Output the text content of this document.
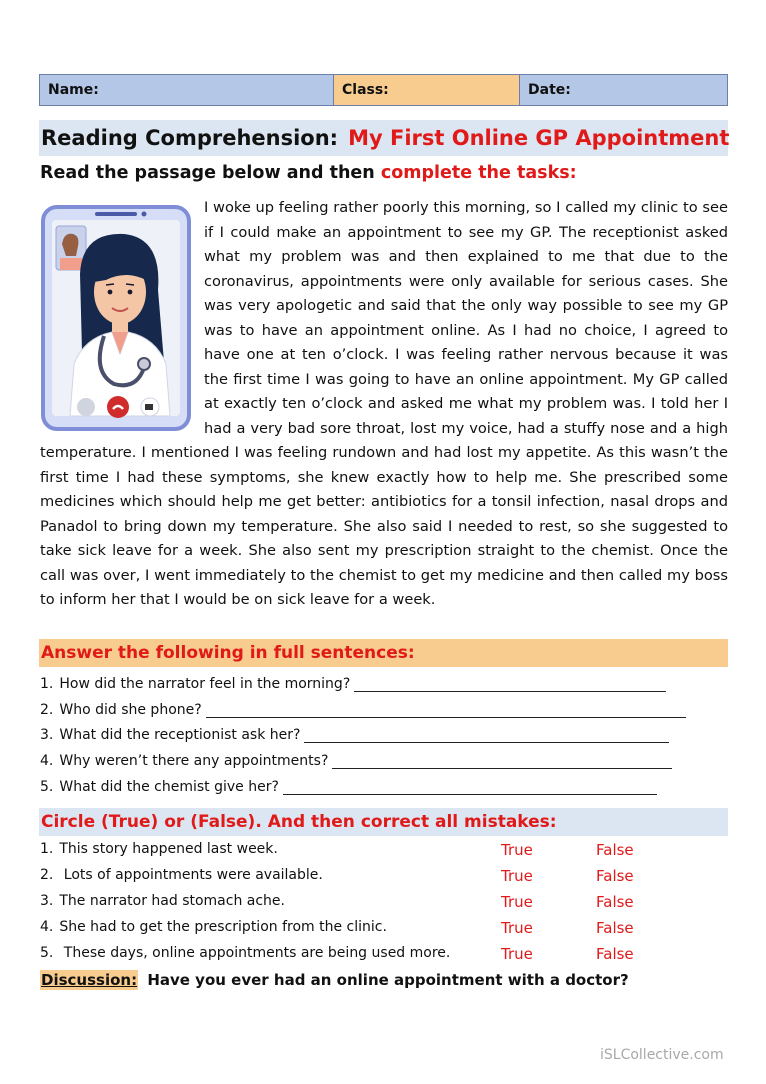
Name:	Class:	Date:
Reading Comprehension: My First Online GP Appointment
Read the passage below and then complete the tasks:
I woke up feeling rather poorly this morning, so I called my clinic to see if I could make an appointment to see my GP. The receptionist asked what my problem was and then explained to me that due to the coronavirus, appointments were only available for serious cases. She was very apologetic and said that the only way possible to see my GP was to have an appointment online. As I had no choice, I agreed to have one at ten o’clock. I was feeling rather nervous because it was the first time I was going to have an online appointment. My GP called at exactly ten o’clock and asked me what my problem was. I told her I had a very bad sore throat, lost my voice, had a stuffy nose and a high temperature. I mentioned I was feeling rundown and had lost my appetite. As this wasn’t the first time I had these symptoms, she knew exactly how to help me. She prescribed some medicines which should help me get better: antibiotics for a tonsil infection, nasal drops and Panadol to bring down my temperature. She also said I needed to rest, so she suggested to take sick leave for a week. She also sent my prescription straight to the chemist. Once the call was over, I went immediately to the chemist to get my medicine and then called my boss to inform her that I would be on sick leave for a week.
Answer the following in full sentences:
1. How did the narrator feel in the morning?
2. Who did she phone?
3. What did the receptionist ask her?
4. Why weren’t there any appointments?
5. What did the chemist give her?
Circle (True) or (False). And then correct all mistakes:
1. This story happened last week.	True	False
2. Lots of appointments were available.	True	False
3. The narrator had stomach ache.	True	False
4. She had to get the prescription from the clinic.	True	False
5. These days, online appointments are being used more.	True	False
Discussion: Have you ever had an online appointment with a doctor?
iSLCollective.com
